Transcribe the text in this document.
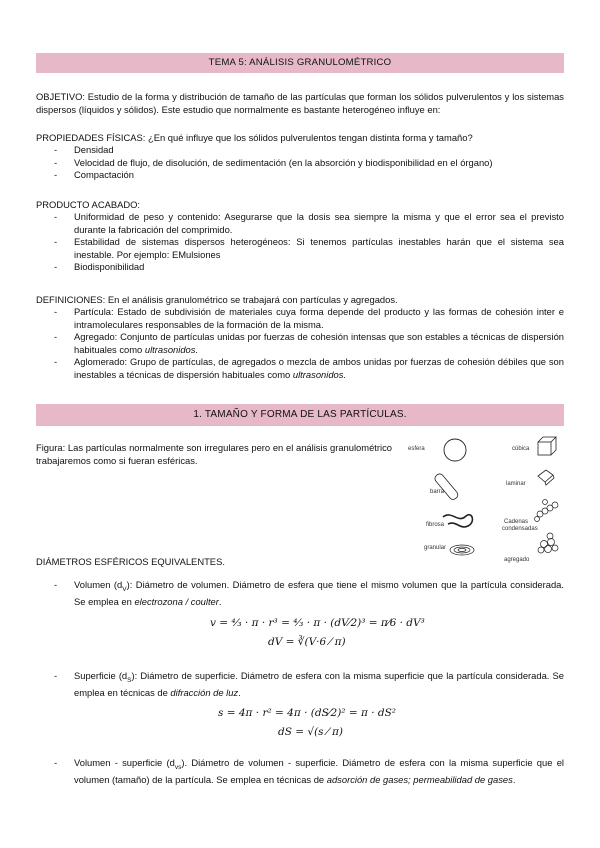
TEMA 5: ANÁLISIS GRANULOMÉTRICO
OBJETIVO: Estudio de la forma y distribución de tamaño de las partículas que forman los sólidos pulverulentos y los sistemas dispersos (líquidos y sólidos). Este estudio que normalmente es bastante heterogéneo influye en:
PROPIEDADES FÍSICAS: ¿En qué influye que los sólidos pulverulentos tengan distinta forma y tamaño?
- Densidad
- Velocidad de flujo, de disolución, de sedimentación (en la absorción y biodisponibilidad en el órgano)
- Compactación
PRODUCTO ACABADO:
- Uniformidad de peso y contenido: Asegurarse que la dosis sea siempre la misma y que el error sea el previsto durante la fabricación del comprimido.
- Estabilidad de sistemas dispersos heterogéneos: Si tenemos partículas inestables harán que el sistema sea inestable. Por ejemplo: EMulsiones
- Biodisponibilidad
DEFINICIONES: En el análisis granulométrico se trabajará con partículas y agregados.
- Partícula: Estado de subdivisión de materiales cuya forma depende del producto y las formas de cohesión inter e intramoleculares responsables de la formación de la misma.
- Agregado: Conjunto de partículas unidas por fuerzas de cohesión intensas que son estables a técnicas de dispersión habituales como ultrasonidos.
- Aglomerado: Grupo de partículas, de agregados o mezcla de ambos unidas por fuerzas de cohesión débiles que son inestables a técnicas de dispersión habituales como ultrasonidos.
1. TAMAÑO Y FORMA DE LAS PARTÍCULAS.
Figura: Las partículas normalmente son irregulares pero en el análisis granulométrico trabajaremos como si fueran esféricas.
esfera	cúbica
barra
laminar
fibrosa	Cadenas
condensadas
granular
agregado
DIÁMETROS ESFÉRICOS EQUIVALENTES.
- Volumen $(d_V)$: Diámetro de volumen. Diámetro de esfera que tiene el mismo volumen que la partícula considerada. Se emplea en electrozona / coulter.
v = ⁴⁄₃ · π · r³ = ⁴⁄₃ · π · (dV⁄2)³ = π⁄6 · dV³
dV = ∛(V·6 ⁄ π)
- Superficie $(d_S)$: Diámetro de superficie. Diámetro de esfera con la misma superficie que la partícula considerada. Se emplea en técnicas de difracción de luz.
s = 4π · r² = 4π · (dS⁄2)² = π · dS²
dS = √(s ⁄ π)
- Volumen - superficie $(d_{vs})$. Diámetro de volumen - superficie. Diámetro de esfera con la misma superficie que el volumen (tamaño) de la partícula. Se emplea en técnicas de adsorción de gases; permeabilidad de gases.
